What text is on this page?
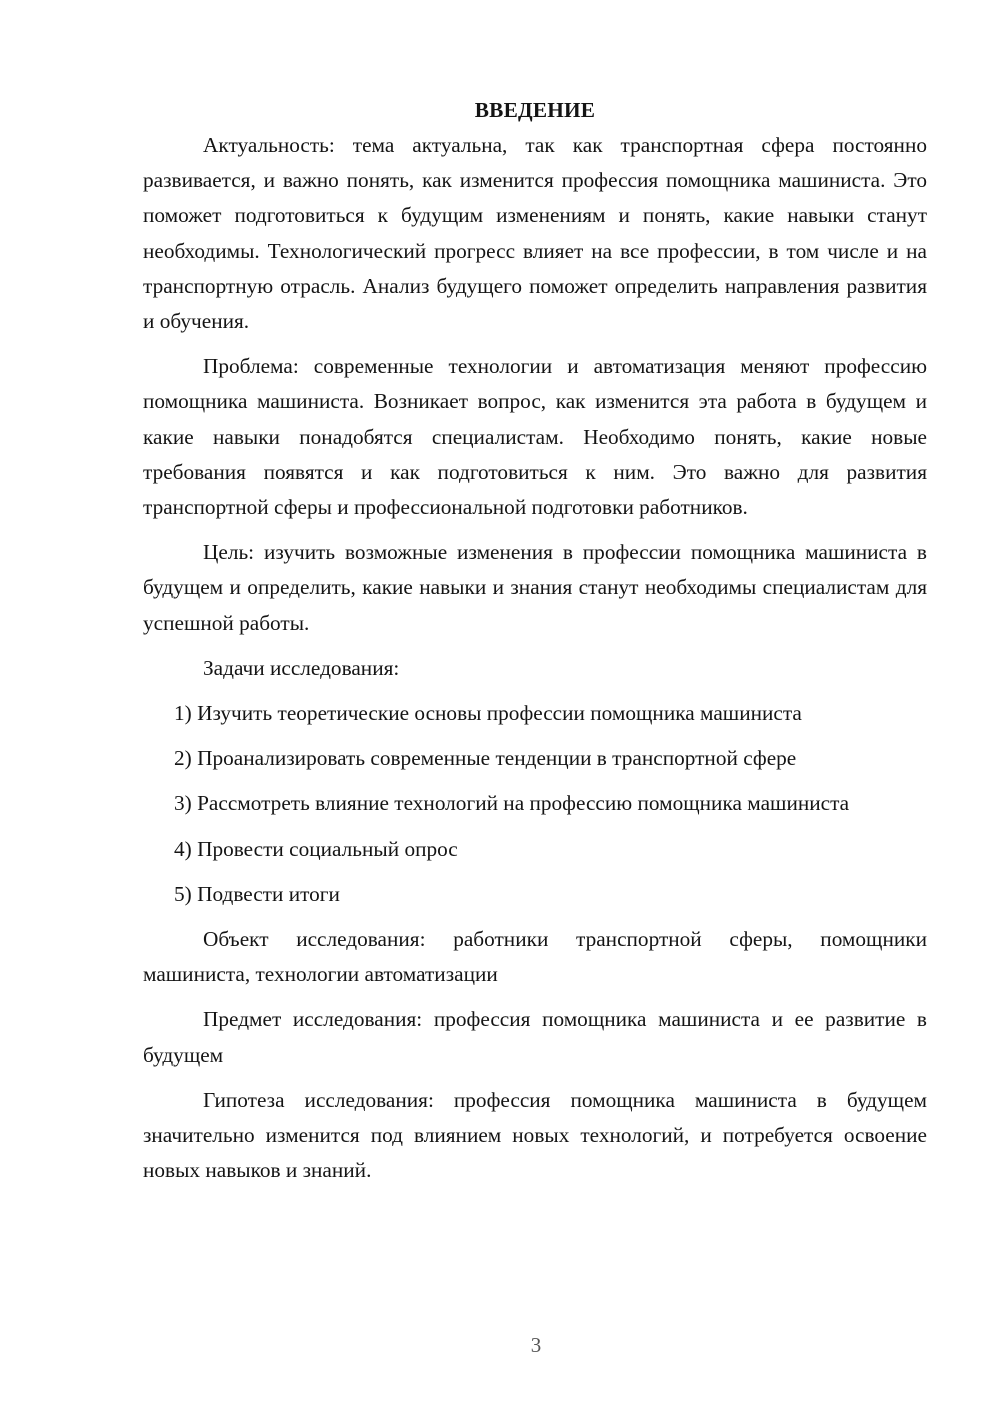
ВВЕДЕНИЕ

Актуальность: тема актуальна, так как транспортная сфера постоянно развивается, и важно понять, как изменится профессия помощника машиниста. Это поможет подготовиться к будущим изменениям и понять, какие навыки станут необходимы. Технологический прогресс влияет на все профессии, в том числе и на транспортную отрасль. Анализ будущего поможет определить направления развития и обучения.

Проблема: современные технологии и автоматизация меняют профессию помощника машиниста. Возникает вопрос, как изменится эта работа в будущем и какие навыки понадобятся специалистам. Необходимо понять, какие новые требования появятся и как подготовиться к ним. Это важно для развития транспортной сферы и профессиональной подготовки работников.

Цель: изучить возможные изменения в профессии помощника машиниста в будущем и определить, какие навыки и знания станут необходимы специалистам для успешной работы.

Задачи исследования:

1) Изучить теоретические основы профессии помощника машиниста

2) Проанализировать современные тенденции в транспортной сфере

3) Рассмотреть влияние технологий на профессию помощника машиниста

4) Провести социальный опрос

5) Подвести итоги

Объект исследования: работники транспортной сферы, помощники машиниста, технологии автоматизации

Предмет исследования: профессия помощника машиниста и ее развитие в будущем

Гипотеза исследования: профессия помощника машиниста в будущем значительно изменится под влиянием новых технологий, и потребуется освоение новых навыков и знаний.

3
